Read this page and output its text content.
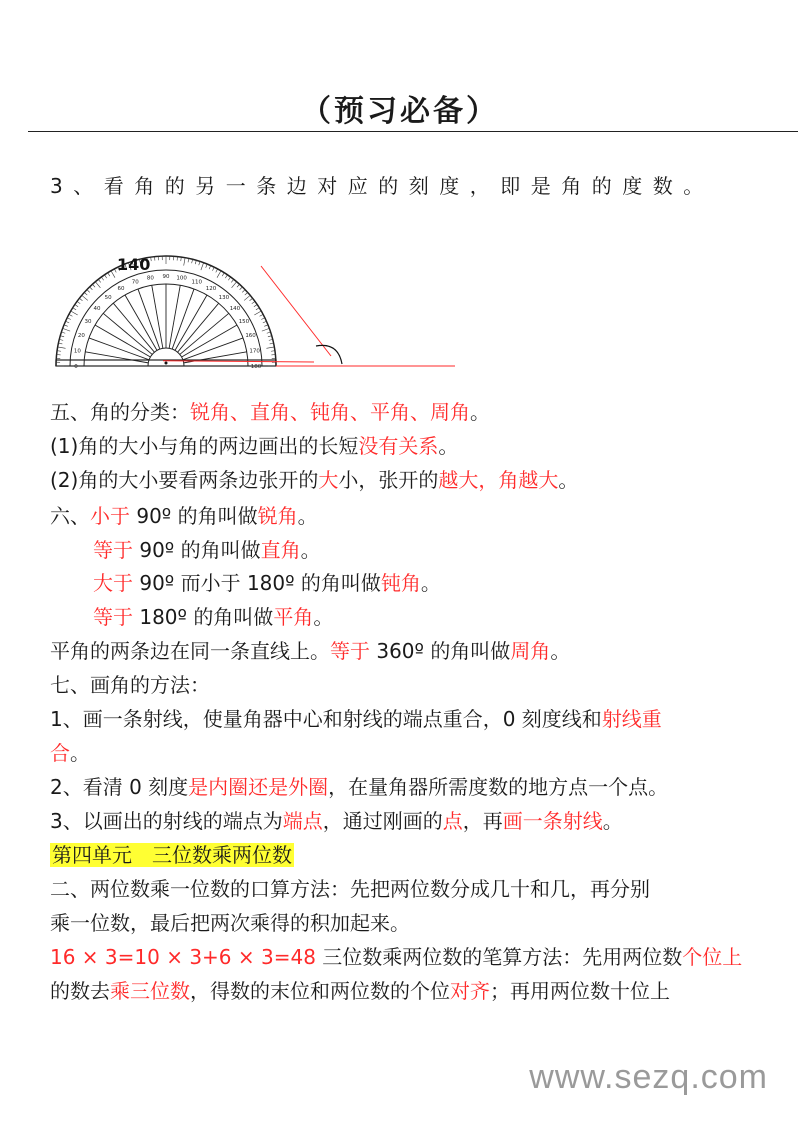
（预习必备）
3、看角的另一条边对应的刻度，即是角的度数。
0
10
20
30
40
50
60
70
80 90 100
110
120
130
140
150
160
170
180
140
五、角的分类：锐角、直角、钝角、平角、周角。
(1)角的大小与角的两边画出的长短没有关系。
(2)角的大小要看两条边张开的大小，张开的越大，角越大。
六、小于 90º 的角叫做锐角。
等于 90º 的角叫做直角。
大于 90º 而小于 180º 的角叫做钝角。
等于 180º 的角叫做平角。
平角的两条边在同一条直线上。等于 360º 的角叫做周角。
七、画角的方法：
1、画一条射线，使量角器中心和射线的端点重合，0 刻度线和射线重
合。
2、看清 0 刻度是内圈还是外圈，在量角器所需度数的地方点一个点。
3、以画出的射线的端点为端点，通过刚画的点，再画一条射线。
第四单元　三位数乘两位数
二、两位数乘一位数的口算方法：先把两位数分成几十和几，再分别
乘一位数，最后把两次乘得的积加起来。
16 × 3=10 × 3+6 × 3=48 三位数乘两位数的笔算方法：先用两位数个位上
的数去乘三位数，得数的末位和两位数的个位对齐；再用两位数十位上
www.sezq.com
